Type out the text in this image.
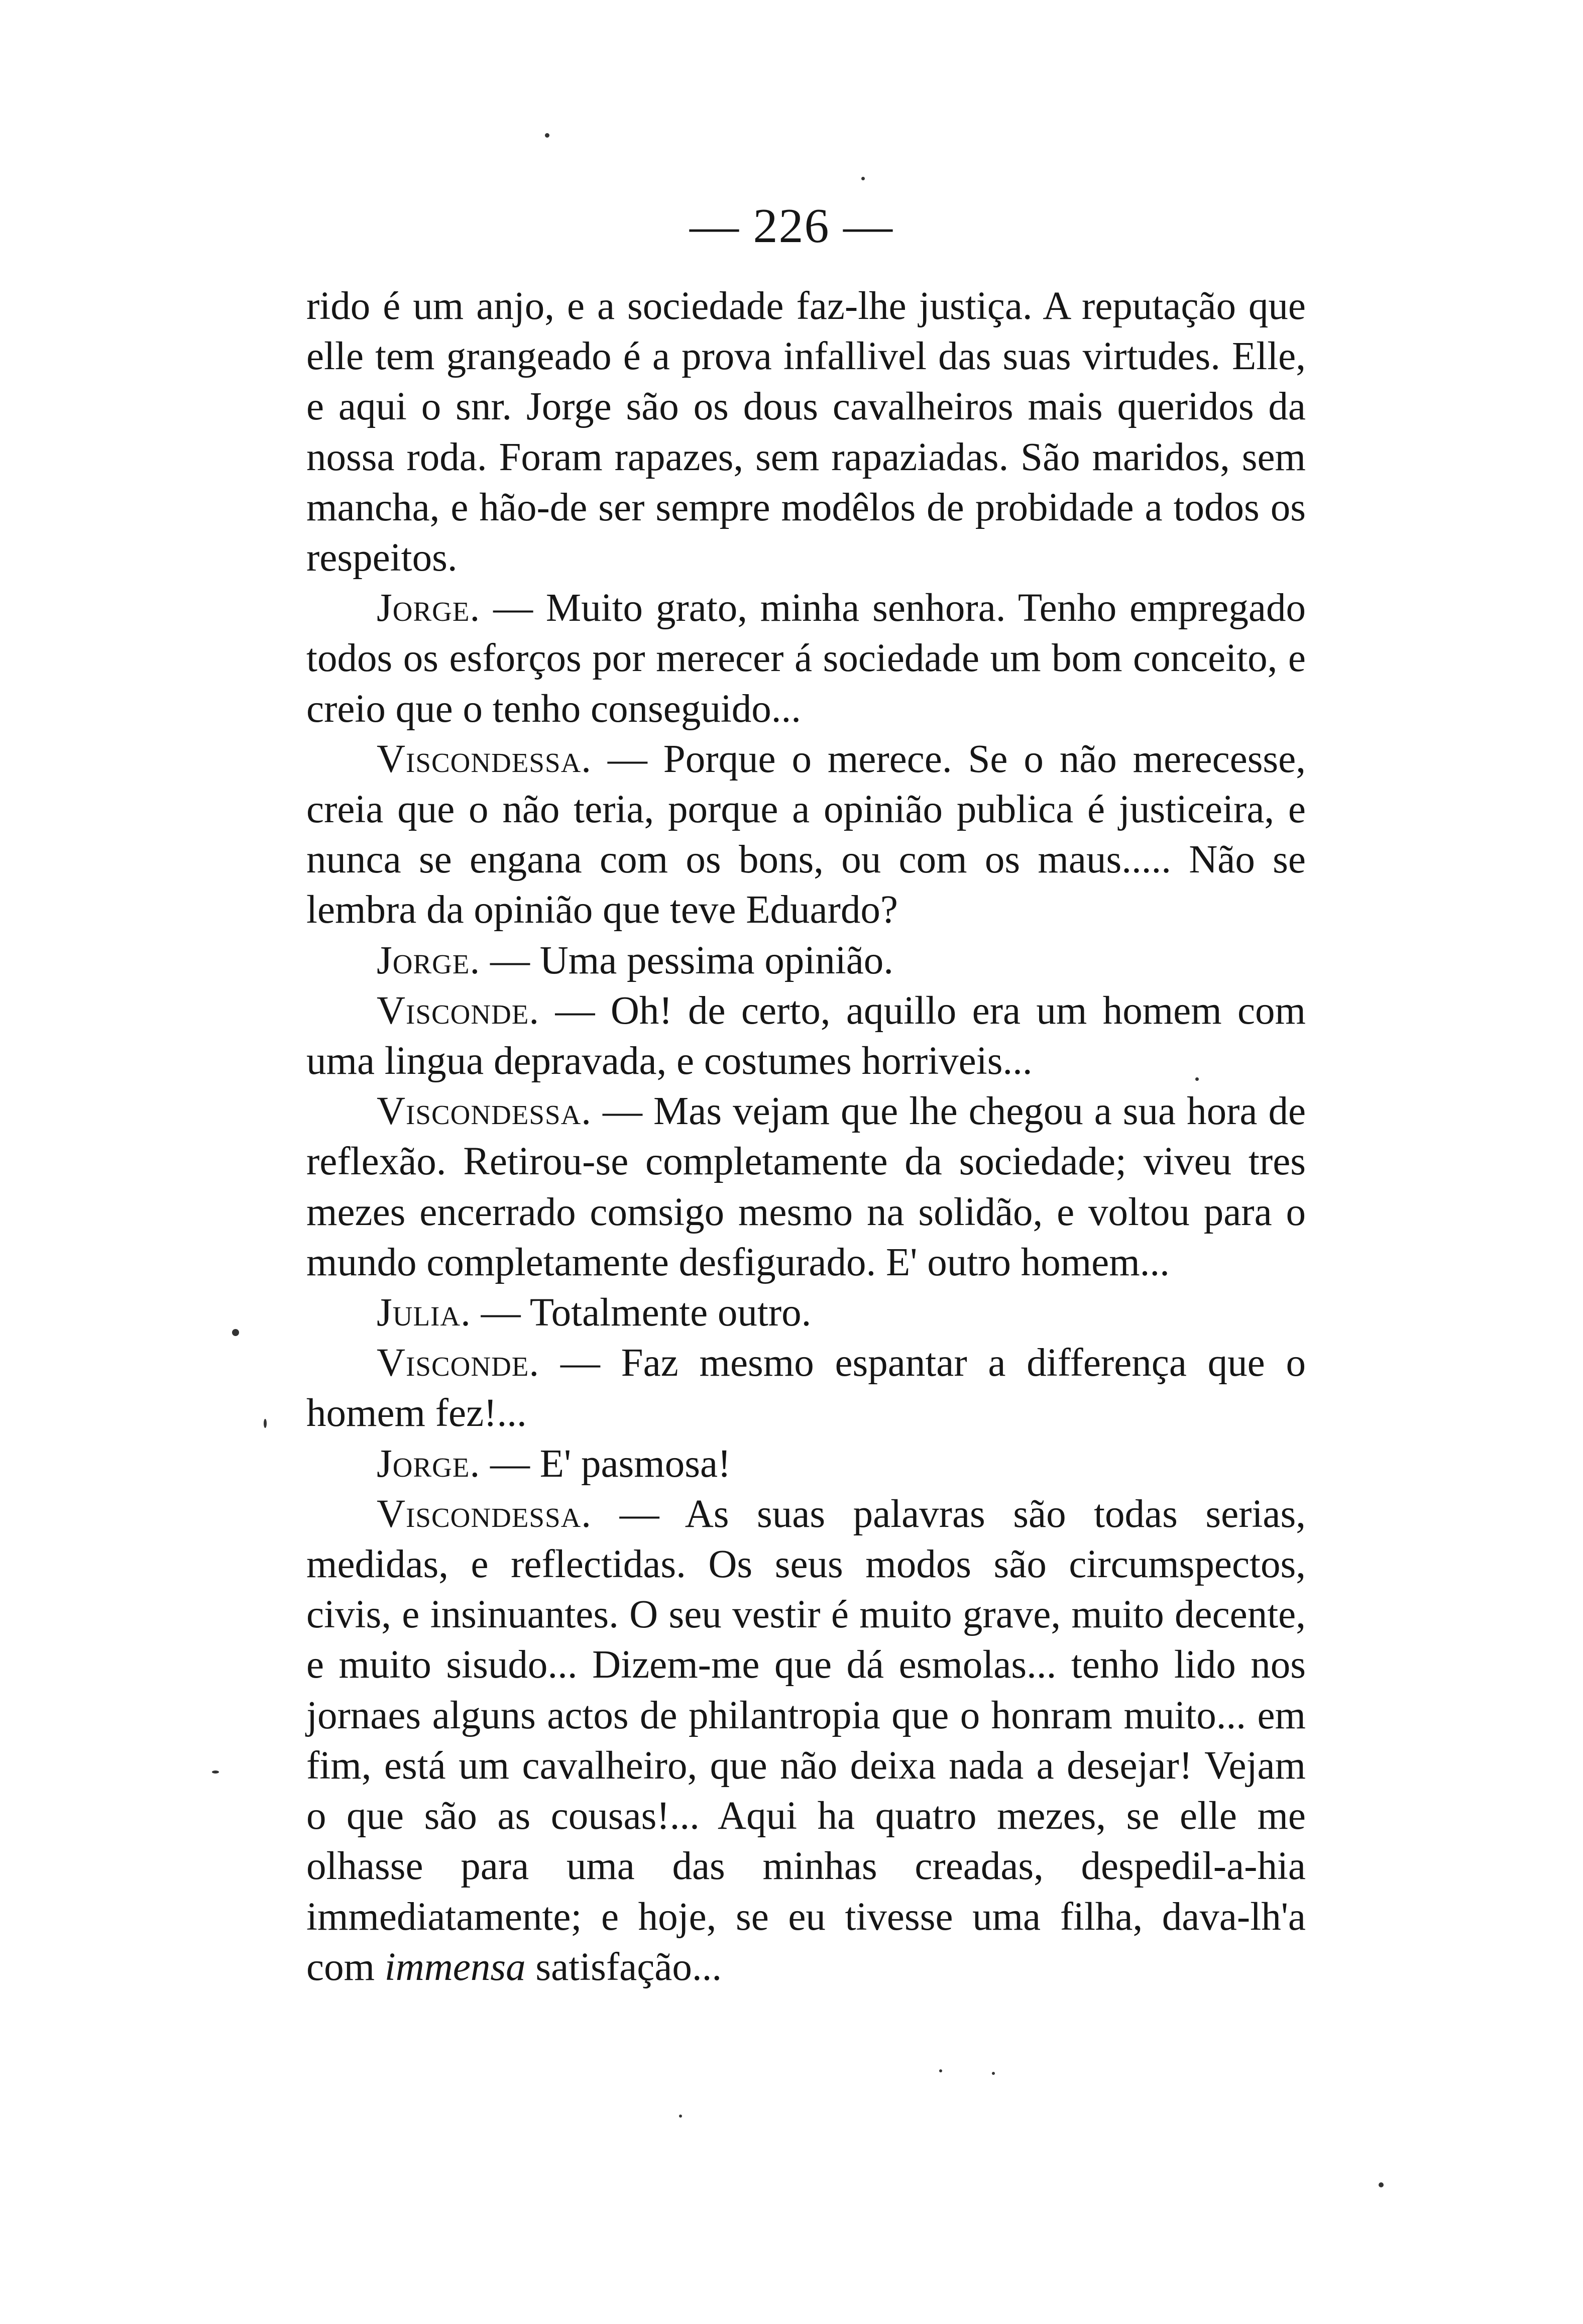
— 226 —

rido é um anjo, e a sociedade faz-lhe justiça. A reputação que elle tem grangeado é a prova infallivel das suas virtudes. Elle, e aqui o snr. Jorge são os dous cavalheiros mais queridos da nossa roda. Foram rapazes, sem rapaziadas. São maridos, sem mancha, e hão-de ser sempre modêlos de probidade a todos os respeitos.

Jorge. — Muito grato, minha senhora. Tenho empregado todos os esforços por merecer á sociedade um bom conceito, e creio que o tenho conseguido...

Viscondessa. — Porque o merece. Se o não merecesse, creia que o não teria, porque a opinião publica é justiceira, e nunca se engana com os bons, ou com os maus..... Não se lembra da opinião que teve Eduardo?

Jorge. — Uma pessima opinião.

Visconde. — Oh! de certo, aquillo era um homem com uma lingua depravada, e costumes horriveis...

Viscondessa. — Mas vejam que lhe chegou a sua hora de reflexão. Retirou-se completamente da sociedade; viveu tres mezes encerrado comsigo mesmo na solidão, e voltou para o mundo completamente desfigurado. E' outro homem...

Julia. — Totalmente outro.

Visconde. — Faz mesmo espantar a differença que o homem fez!...

Jorge. — E' pasmosa!

Viscondessa. — As suas palavras são todas serias, medidas, e reflectidas. Os seus modos são circumspectos, civis, e insinuantes. O seu vestir é muito grave, muito decente, e muito sisudo... Dizem-me que dá esmolas... tenho lido nos jornaes alguns actos de philantropia que o honram muito... em fim, está um cavalheiro, que não deixa nada a desejar! Vejam o que são as cousas!... Aqui ha quatro mezes, se elle me olhasse para uma das minhas creadas, despedil-a-hia immediatamente; e hoje, se eu tivesse uma filha, dava-lh'a com immensa satisfação...
